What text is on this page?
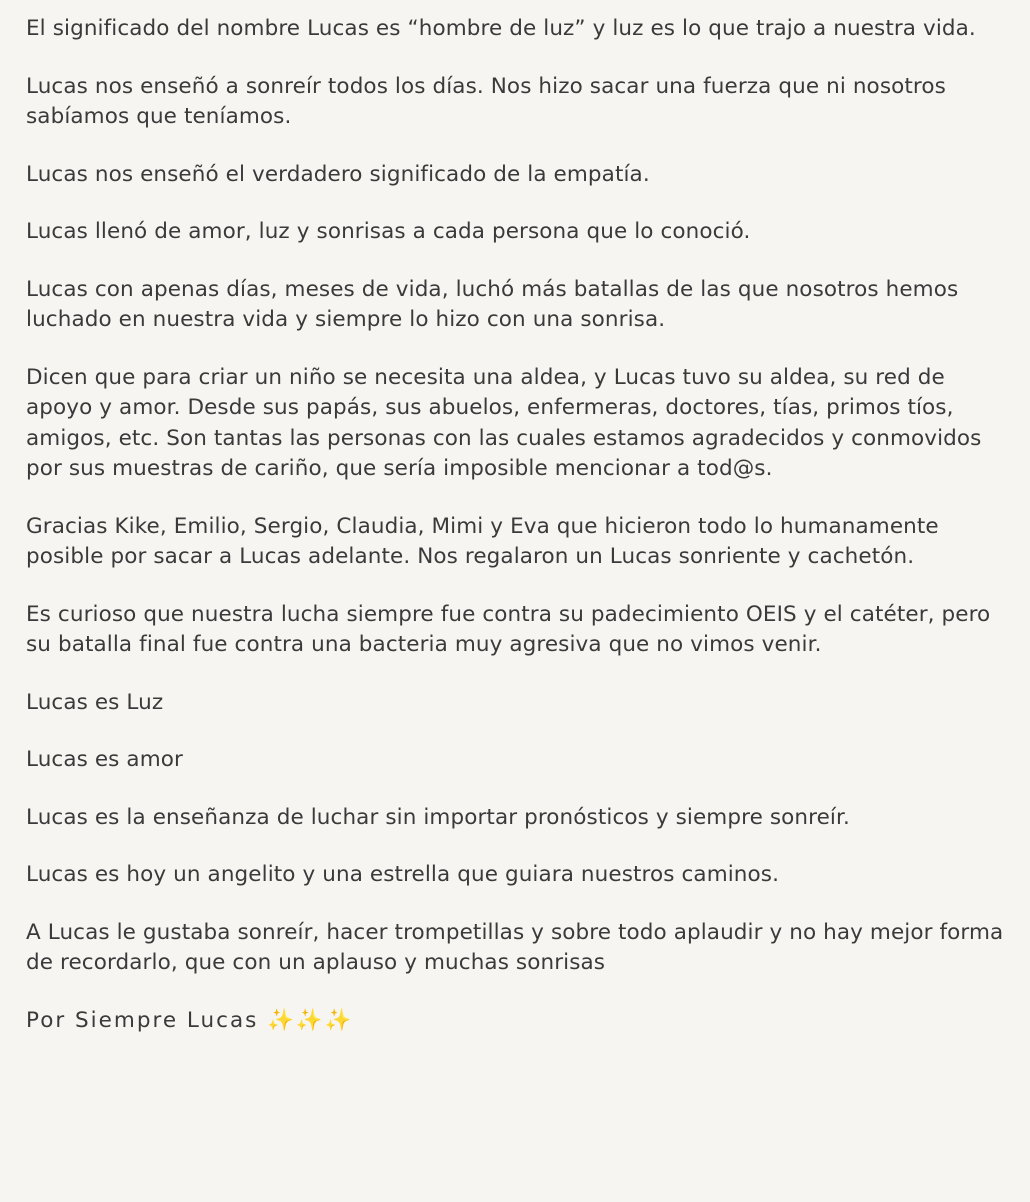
El significado del nombre Lucas es “hombre de luz” y luz es lo que trajo a nuestra vida.

Lucas nos enseñó a sonreír todos los días. Nos hizo sacar una fuerza que ni nosotros sabíamos que teníamos.

Lucas nos enseñó el verdadero significado de la empatía.

Lucas llenó de amor, luz y sonrisas a cada persona que lo conoció.

Lucas con apenas días, meses de vida, luchó más batallas de las que nosotros hemos luchado en nuestra vida y siempre lo hizo con una sonrisa.

Dicen que para criar un niño se necesita una aldea, y Lucas tuvo su aldea, su red de apoyo y amor. Desde sus papás, sus abuelos, enfermeras, doctores, tías, primos tíos, amigos, etc. Son tantas las personas con las cuales estamos agradecidos y conmovidos por sus muestras de cariño, que sería imposible mencionar a tod@s.

Gracias Kike, Emilio, Sergio, Claudia, Mimi y Eva que hicieron todo lo humanamente posible por sacar a Lucas adelante. Nos regalaron un Lucas sonriente y cachetón.

Es curioso que nuestra lucha siempre fue contra su padecimiento OEIS y el catéter, pero su batalla final fue contra una bacteria muy agresiva que no vimos venir.

Lucas es Luz

Lucas es amor

Lucas es la enseñanza de luchar sin importar pronósticos y siempre sonreír.

Lucas es hoy un angelito y una estrella que guiara nuestros caminos.

A Lucas le gustaba sonreír, hacer trompetillas y sobre todo aplaudir y no hay mejor forma de recordarlo, que con un aplauso y muchas sonrisas

Por Siempre Lucas ✨✨✨
